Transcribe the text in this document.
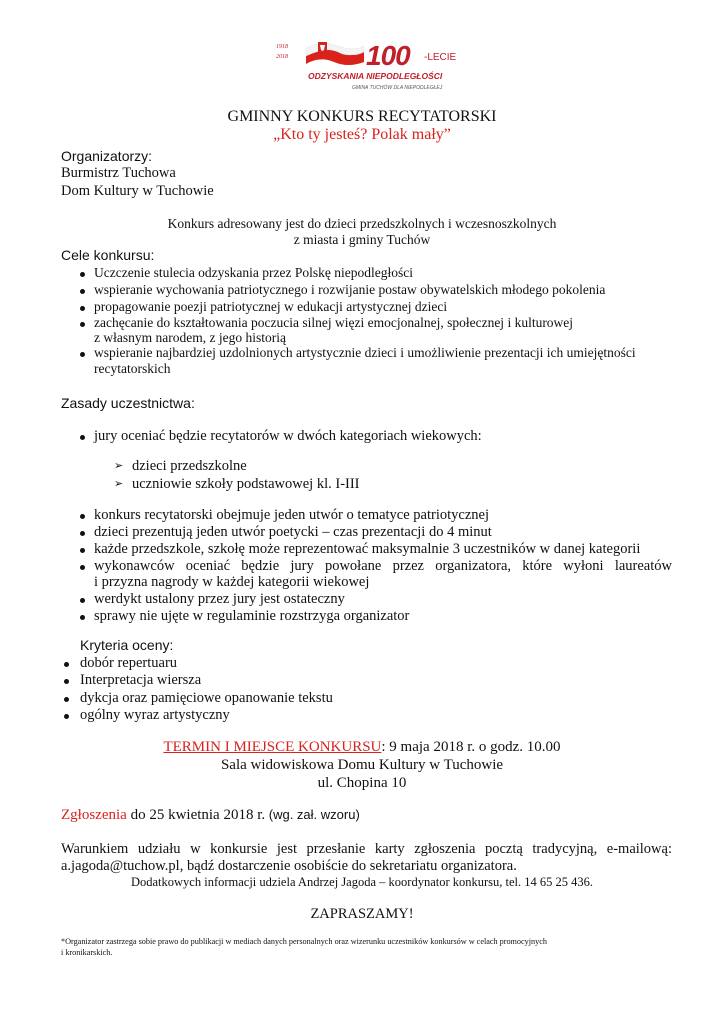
1918
2018	100 -LECIE
ODZYSKANIA NIEPODLEGŁOŚCI
GMINA TUCHÓW DLA NIEPODLEGŁEJ
GMINNY KONKURS RECYTATORSKI
„Kto ty jesteś? Polak mały”
Organizatorzy:
Burmistrz Tuchowa
Dom Kultury w Tuchowie
Konkurs adresowany jest do dzieci przedszkolnych i wczesnoszkolnych
z miasta i gminy Tuchów
Cele konkursu:
Uczczenie stulecia odzyskania przez Polskę niepodległości
wspieranie wychowania patriotycznego i rozwijanie postaw obywatelskich młodego pokolenia
propagowanie poezji patriotycznej w edukacji artystycznej dzieci
zachęcanie do kształtowania poczucia silnej więzi emocjonalnej, społecznej i kulturowej
z własnym narodem, z jego historią
wspieranie najbardziej uzdolnionych artystycznie dzieci i umożliwienie prezentacji ich umiejętności
recytatorskich
Zasady uczestnictwa:
jury oceniać będzie recytatorów w dwóch kategoriach wiekowych:
➢ dzieci przedszkolne
➢ uczniowie szkoły podstawowej kl. I-III
konkurs recytatorski obejmuje jeden utwór o tematyce patriotycznej
dzieci prezentują jeden utwór poetycki – czas prezentacji do 4 minut
każde przedszkole, szkołę może reprezentować maksymalnie 3 uczestników w danej kategorii
wykonawców oceniać będzie jury powołane przez organizatora, które wyłoni laureatów
i przyzna nagrody w każdej kategorii wiekowej
werdykt ustalony przez jury jest ostateczny
sprawy nie ujęte w regulaminie rozstrzyga organizator
Kryteria oceny:
dobór repertuaru
Interpretacja wiersza
dykcja oraz pamięciowe opanowanie tekstu
ogólny wyraz artystyczny
TERMIN I MIEJSCE KONKURSU: 9 maja 2018 r. o godz. 10.00
Sala widowiskowa Domu Kultury w Tuchowie
ul. Chopina 10
Zgłoszenia do 25 kwietnia 2018 r. (wg. zał. wzoru)
Warunkiem udziału w konkursie jest przesłanie karty zgłoszenia pocztą tradycyjną, e-mailową:
a.jagoda@tuchow.pl, bądź dostarczenie osobiście do sekretariatu organizatora.
Dodatkowych informacji udziela Andrzej Jagoda – koordynator konkursu, tel. 14 65 25 436.
ZAPRASZAMY!
*Organizator zastrzega sobie prawo do publikacji w mediach danych personalnych oraz wizerunku uczestników konkursów w celach promocyjnych
i kronikarskich.
